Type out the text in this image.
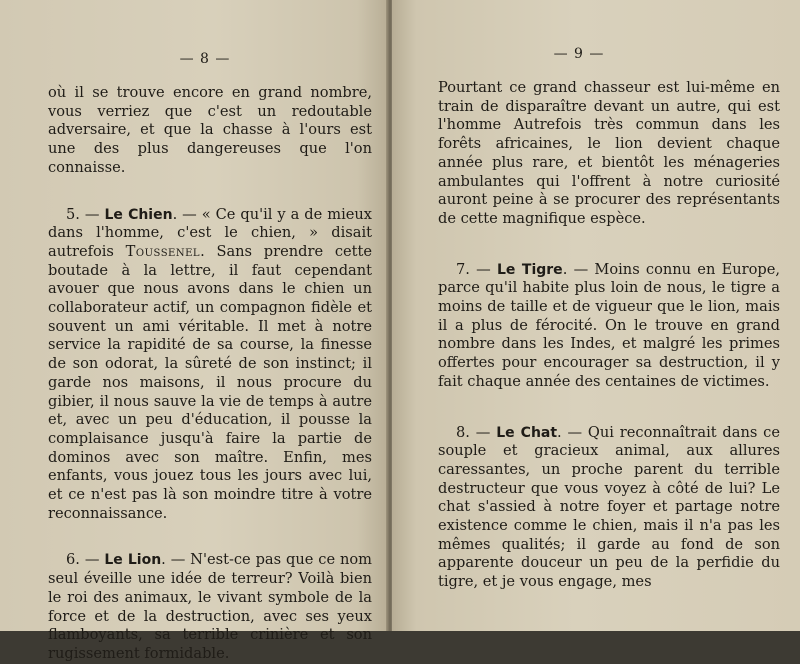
— 8 —

où il se trouve encore en grand nombre, vous verriez que c'est un redoutable adversaire, et que la chasse à l'ours est une des plus dangereuses que l'on connaisse.

5. — Le Chien. — « Ce qu'il y a de mieux dans l'homme, c'est le chien, » disait autrefois Toussenel. Sans prendre cette boutade à la lettre, il faut cependant avouer que nous avons dans le chien un collaborateur actif, un compagnon fidèle et souvent un ami véritable. Il met à notre service la rapidité de sa course, la finesse de son odorat, la sûreté de son instinct; il garde nos maisons, il nous procure du gibier, il nous sauve la vie de temps à autre et, avec un peu d'éducation, il pousse la complaisance jusqu'à faire la partie de dominos avec son maître. Enfin, mes enfants, vous jouez tous les jours avec lui, et ce n'est pas là son moindre titre à votre reconnaissance.

6. — Le Lion. — N'est-ce pas que ce nom seul éveille une idée de terreur? Voilà bien le roi des animaux, le vivant symbole de la force et de la destruction, avec ses yeux flamboyants, sa terrible crinière et son rugissement formidable.

— 9 —

Pourtant ce grand chasseur est lui-même en train de disparaître devant un autre, qui est l'homme Autrefois très commun dans les forêts africaines, le lion devient chaque année plus rare, et bientôt les ménageries ambulantes qui l'offrent à notre curiosité auront peine à se procurer des représentants de cette magnifique espèce.

7. — Le Tigre. — Moins connu en Europe, parce qu'il habite plus loin de nous, le tigre a moins de taille et de vigueur que le lion, mais il a plus de férocité. On le trouve en grand nombre dans les Indes, et malgré les primes offertes pour encourager sa destruction, il y fait chaque année des centaines de victimes.

8. — Le Chat. — Qui reconnaîtrait dans ce souple et gracieux animal, aux allures caressantes, un proche parent du terrible destructeur que vous voyez à côté de lui? Le chat s'assied à notre foyer et partage notre existence comme le chien, mais il n'a pas les mêmes qualités; il garde au fond de son apparente douceur un peu de la perfidie du tigre, et je vous engage, mes
